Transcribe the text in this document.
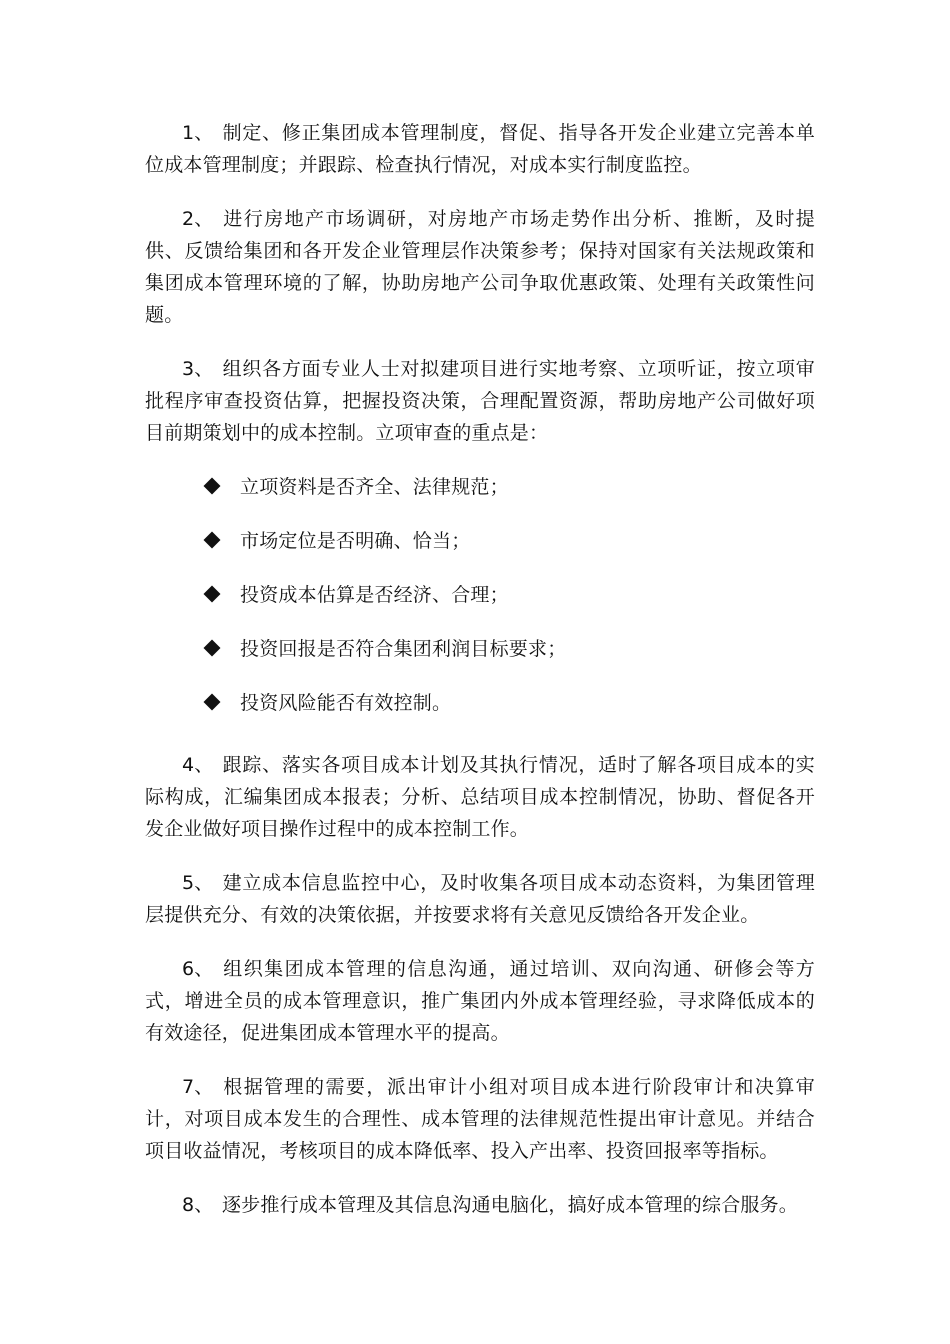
1、 制定、修正集团成本管理制度，督促、指导各开发企业建立完善本单位成本管理制度；并跟踪、检查执行情况，对成本实行制度监控。

2、 进行房地产市场调研，对房地产市场走势作出分析、推断，及时提供、反馈给集团和各开发企业管理层作决策参考；保持对国家有关法规政策和集团成本管理环境的了解，协助房地产公司争取优惠政策、处理有关政策性问题。

3、 组织各方面专业人士对拟建项目进行实地考察、立项听证，按立项审批程序审查投资估算，把握投资决策，合理配置资源，帮助房地产公司做好项目前期策划中的成本控制。立项审查的重点是：

立项资料是否齐全、法律规范；
市场定位是否明确、恰当；
投资成本估算是否经济、合理；
投资回报是否符合集团利润目标要求；
投资风险能否有效控制。

4、 跟踪、落实各项目成本计划及其执行情况，适时了解各项目成本的实际构成，汇编集团成本报表；分析、总结项目成本控制情况，协助、督促各开发企业做好项目操作过程中的成本控制工作。

5、 建立成本信息监控中心，及时收集各项目成本动态资料，为集团管理层提供充分、有效的决策依据，并按要求将有关意见反馈给各开发企业。

6、 组织集团成本管理的信息沟通，通过培训、双向沟通、研修会等方式，增进全员的成本管理意识，推广集团内外成本管理经验，寻求降低成本的有效途径，促进集团成本管理水平的提高。

7、 根据管理的需要，派出审计小组对项目成本进行阶段审计和决算审计，对项目成本发生的合理性、成本管理的法律规范性提出审计意见。并结合项目收益情况，考核项目的成本降低率、投入产出率、投资回报率等指标。

8、 逐步推行成本管理及其信息沟通电脑化，搞好成本管理的综合服务。
